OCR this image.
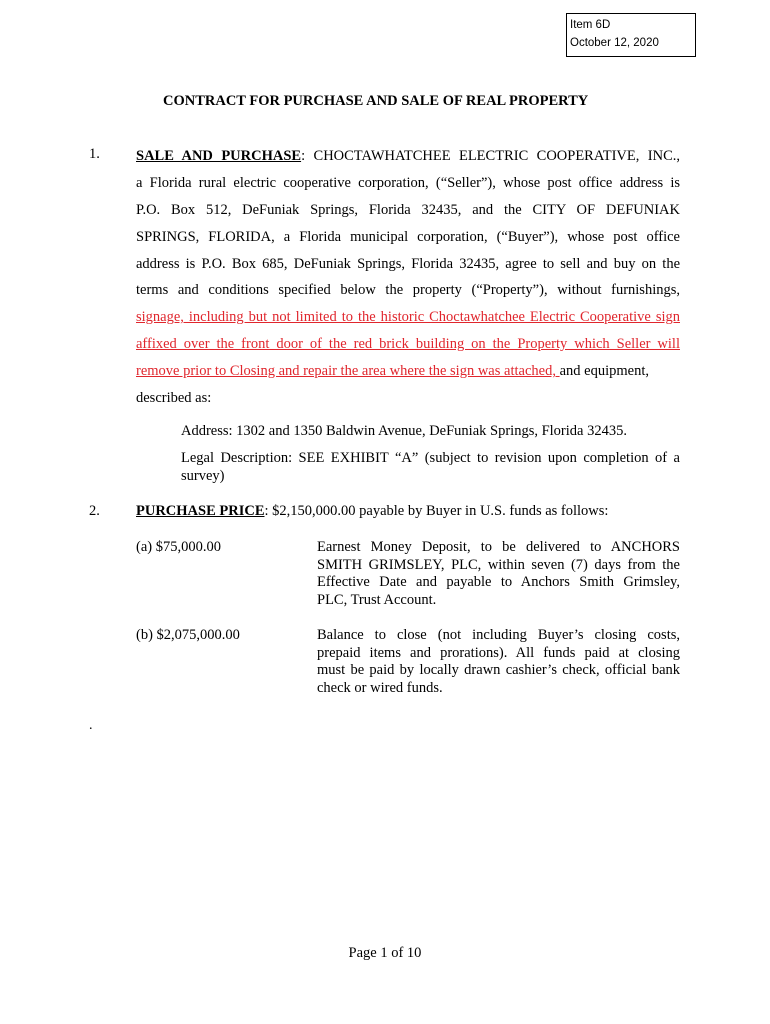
Item 6D
October 12, 2020
CONTRACT FOR PURCHASE AND SALE OF REAL PROPERTY
1. SALE AND PURCHASE: CHOCTAWHATCHEE ELECTRIC COOPERATIVE, INC.,
a Florida rural electric cooperative corporation, (“Seller”), whose post office address is
P.O. Box 512, DeFuniak Springs, Florida 32435, and the CITY OF DEFUNIAK
SPRINGS, FLORIDA, a Florida municipal corporation, (“Buyer”), whose post office
address is P.O. Box 685, DeFuniak Springs, Florida 32435, agree to sell and buy on the
terms and conditions specified below the property (“Property”), without furnishings,
signage, including but not limited to the historic Choctawhatchee Electric Cooperative sign
affixed over the front door of the red brick building on the Property which Seller will
remove prior to Closing and repair the area where the sign was attached, and equipment,
described as:
Address: 1302 and 1350 Baldwin Avenue, DeFuniak Springs, Florida 32435.
Legal Description: SEE EXHIBIT “A” (subject to revision upon completion of a
survey)
2. PURCHASE PRICE: $2,150,000.00 payable by Buyer in U.S. funds as follows:
(a) $75,000.00	Earnest Money Deposit, to be delivered to ANCHORS
SMITH GRIMSLEY, PLC, within seven (7) days from the
Effective Date and payable to Anchors Smith Grimsley,
PLC, Trust Account.
(b) $2,075,000.00	Balance to close (not including Buyer’s closing costs,
prepaid items and prorations). All funds paid at closing
must be paid by locally drawn cashier’s check, official bank
check or wired funds.
.
Page 1 of 10
